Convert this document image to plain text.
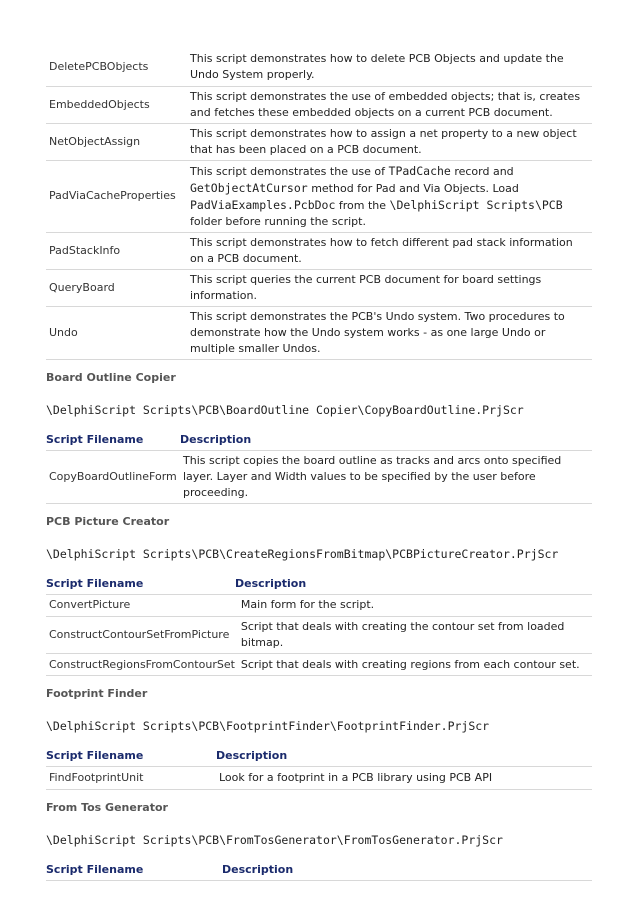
DeletePCBObjects	This script demonstrates how to delete PCB Objects and update the Undo System properly.
EmbeddedObjects	This script demonstrates the use of embedded objects; that is, creates and fetches these embedded objects on a current PCB document.
NetObjectAssign	This script demonstrates how to assign a net property to a new object that has been placed on a PCB document.
PadViaCacheProperties	This script demonstrates the use of TPadCache record and GetObjectAtCursor method for Pad and Via Objects. Load PadViaExamples.PcbDoc from the \DelphiScript Scripts\PCB folder before running the script.
PadStackInfo	This script demonstrates how to fetch different pad stack information on a PCB document.
QueryBoard	This script queries the current PCB document for board settings information.
Undo	This script demonstrates the PCB's Undo system. Two procedures to demonstrate how the Undo system works - as one large Undo or multiple smaller Undos.
Board Outline Copier
\DelphiScript Scripts\PCB\BoardOutline Copier\CopyBoardOutline.PrjScr
Script Filename	Description
CopyBoardOutlineForm	This script copies the board outline as tracks and arcs onto specified layer. Layer and Width values to be specified by the user before proceeding.
PCB Picture Creator
\DelphiScript Scripts\PCB\CreateRegionsFromBitmap\PCBPictureCreator.PrjScr
Script Filename	Description
ConvertPicture	Main form for the script.
ConstructContourSetFromPicture	Script that deals with creating the contour set from loaded bitmap.
ConstructRegionsFromContourSet	Script that deals with creating regions from each contour set.
Footprint Finder
\DelphiScript Scripts\PCB\FootprintFinder\FootprintFinder.PrjScr
Script Filename	Description
FindFootprintUnit	Look for a footprint in a PCB library using PCB API
From Tos Generator
\DelphiScript Scripts\PCB\FromTosGenerator\FromTosGenerator.PrjScr
Script Filename	Description
